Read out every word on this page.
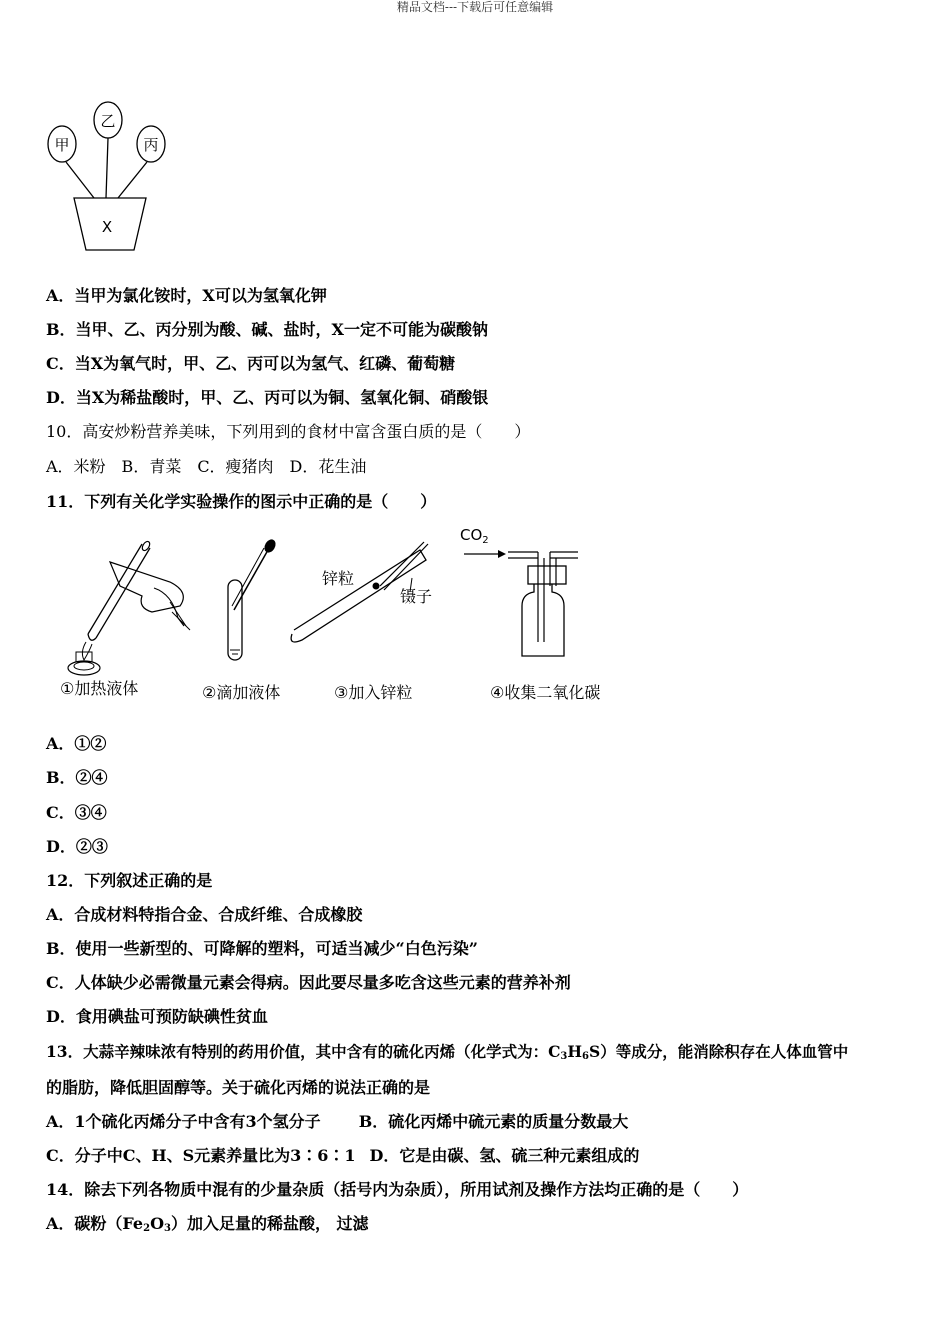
精品文档---下载后可任意编辑
甲
乙
丙
X
A．当甲为氯化铵时，X可以为氢氧化钾
B．当甲、乙、丙分别为酸、碱、盐时，X一定不可能为碳酸钠
C．当X为氧气时，甲、乙、丙可以为氢气、红磷、葡萄糖
D．当X为稀盐酸时，甲、乙、丙可以为铜、氢氧化铜、硝酸银
10．高安炒粉营养美味，下列用到的食材中富含蛋白质的是（　　）
A．米粉　B．青菜　C．瘦猪肉　D．花生油
11．下列有关化学实验操作的图示中正确的是（　　）
①加热液体	②滴加液体
锌粒
镊子
③加入锌粒
$CO_2$
④收集二氧化碳
A．①②
B．②④
C．③④
D．②③
12．下列叙述正确的是
A．合成材料特指合金、合成纤维、合成橡胶
B．使用一些新型的、可降解的塑料，可适当减少“白色污染”
C．人体缺少必需微量元素会得病。因此要尽量多吃含这些元素的营养补剂
D．食用碘盐可预防缺碘性贫血
13．大蒜辛辣味浓有特别的药用价值，其中含有的硫化丙烯（化学式为：$C_3H_6S$）等成分，能消除积存在人体血管中
的脂肪，降低胆固醇等。关于硫化丙烯的说法正确的是
A．1个硫化丙烯分子中含有3个氢分子 B．硫化丙烯中硫元素的质量分数最大
C．分子中C、H、S元素养量比为3∶6∶1 D．它是由碳、氢、硫三种元素组成的
14．除去下列各物质中混有的少量杂质（括号内为杂质），所用试剂及操作方法均正确的是（　　）
A．碳粉$(Fe_2O_3)$加入足量的稀盐酸， 过滤
